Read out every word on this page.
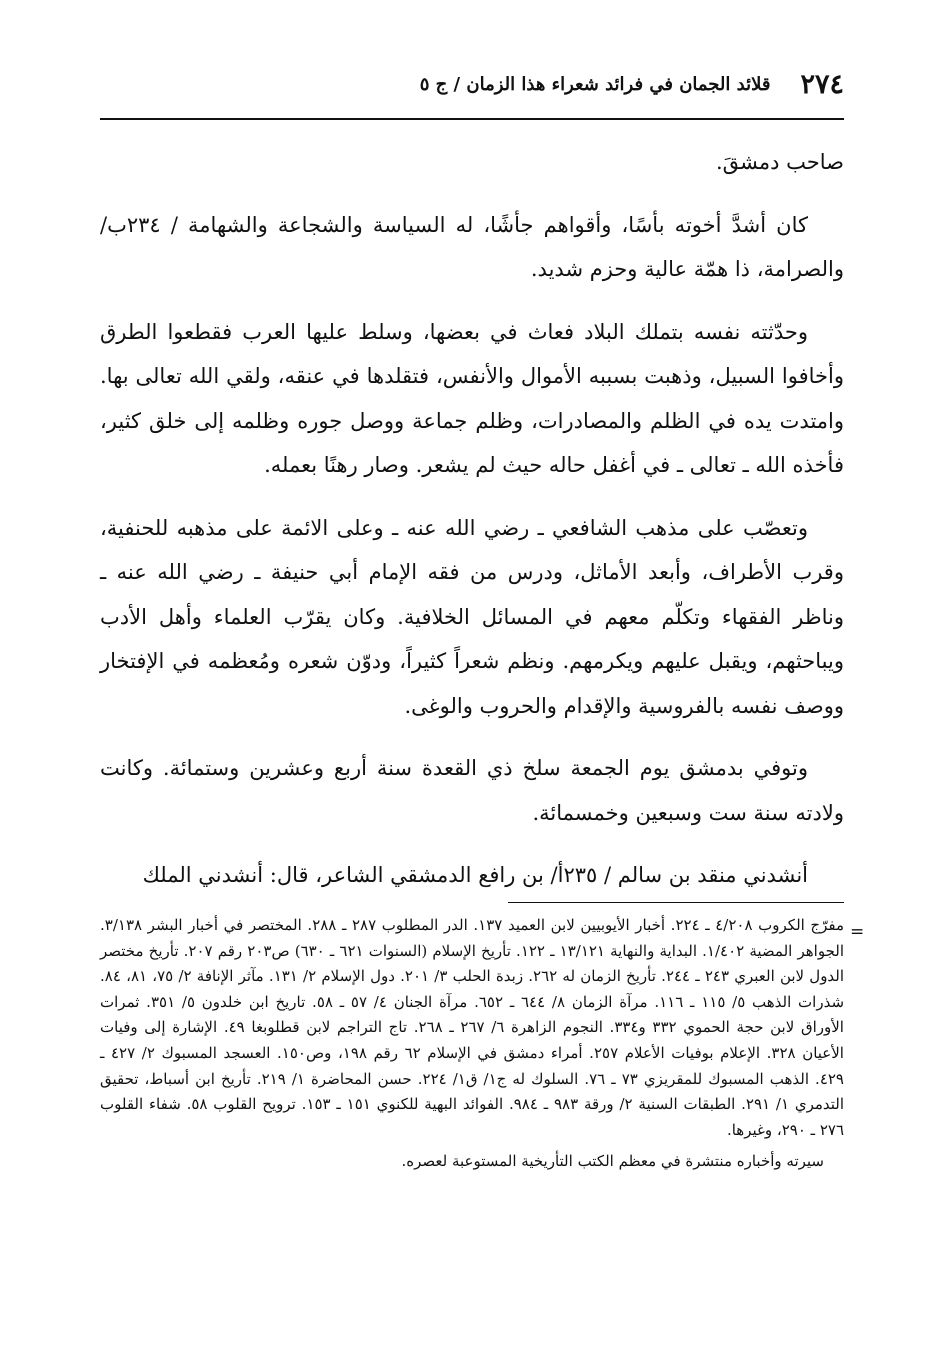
٢٧٤
قلائد الجمان في فرائد شعراء هذا الزمان / ج ٥

صاحب دمشقَ.

كان أشدَّ أخوته بأسًا، وأقواهم جأشًا، له السياسة والشجاعة والشهامة / ٢٣٤ب/ والصرامة، ذا همّة عالية وحزم شديد.

وحدّثته نفسه بتملك البلاد فعاث في بعضها، وسلط عليها العرب فقطعوا الطرق وأخافوا السبيل، وذهبت بسببه الأموال والأنفس، فتقلدها في عنقه، ولقي الله تعالى بها. وامتدت يده في الظلم والمصادرات، وظلم جماعة ووصل جوره وظلمه إلى خلق كثير، فأخذه الله ـ تعالى ـ في أغفل حاله حيث لم يشعر. وصار رهنًا بعمله.

وتعصّب على مذهب الشافعي ـ رضي الله عنه ـ وعلى الائمة على مذهبه للحنفية، وقرب الأطراف، وأبعد الأماثل، ودرس من فقه الإمام أبي حنيفة ـ رضي الله عنه ـ وناظر الفقهاء وتكلّم معهم في المسائل الخلافية. وكان يقرّب العلماء وأهل الأدب ويباحثهم، ويقبل عليهم ويكرمهم. ونظم شعراً كثيراً، ودوّن شعره ومُعظمه في الإفتخار ووصف نفسه بالفروسية والإقدام والحروب والوغى.

وتوفي بدمشق يوم الجمعة سلخ ذي القعدة سنة أربع وعشرين وستمائة. وكانت ولادته سنة ست وسبعين وخمسمائة.

أنشدني منقد بن سالم / ٢٣٥أ/ بن رافع الدمشقي الشاعر، قال: أنشدني الملك

=

مفرّج الكروب ٤/٢٠٨ ـ ٢٢٤. أخبار الأيوبيين لابن العميد ١٣٧. الدر المطلوب ٢٨٧ ـ ٢٨٨. المختصر في أخبار البشر ٣/١٣٨. الجواهر المضية ١/٤٠٢. البداية والنهاية ١٣/١٢١ ـ ١٢٢. تأريخ الإسلام (السنوات ٦٢١ ـ ٦٣٠) ص٢٠٣ رقم ٢٠٧. تأريخ مختصر الدول لابن العبري ٢٤٣ ـ ٢٤٤. تأريخ الزمان له ٢٦٢. زبدة الحلب ٣/ ٢٠١. دول الإسلام ٢/ ١٣١. مآثر الإنافة ٢/ ٧٥، ٨١، ٨٤. شذرات الذهب ٥/ ١١٥ ـ ١١٦. مرآة الزمان ٨/ ٦٤٤ ـ ٦٥٢. مرآة الجنان ٤/ ٥٧ ـ ٥٨. تاريخ ابن خلدون ٥/ ٣٥١. ثمرات الأوراق لابن حجة الحموي ٣٣٢ و٣٣٤. النجوم الزاهرة ٦/ ٢٦٧ ـ ٢٦٨. تاج التراجم لابن قطلوبغا ٤٩. الإشارة إلى وفيات الأعيان ٣٢٨. الإعلام بوفيات الأعلام ٢٥٧. أمراء دمشق في الإسلام ٦٢ رقم ١٩٨، وص١٥٠. العسجد المسبوك ٢/ ٤٢٧ ـ ٤٢٩. الذهب المسبوك للمقريزي ٧٣ ـ ٧٦. السلوك له ج١/ ق١/ ٢٢٤. حسن المحاضرة ١/ ٢١٩. تأريخ ابن أسباط، تحقيق التدمري ١/ ٢٩١. الطبقات السنية ٢/ ورقة ٩٨٣ ـ ٩٨٤. الفوائد البهية للكنوي ١٥١ ـ ١٥٣. ترويح القلوب ٥٨. شفاء القلوب ٢٧٦ ـ ٢٩٠، وغيرها.

سيرته وأخباره منتشرة في معظم الكتب التأريخية المستوعبة لعصره.
